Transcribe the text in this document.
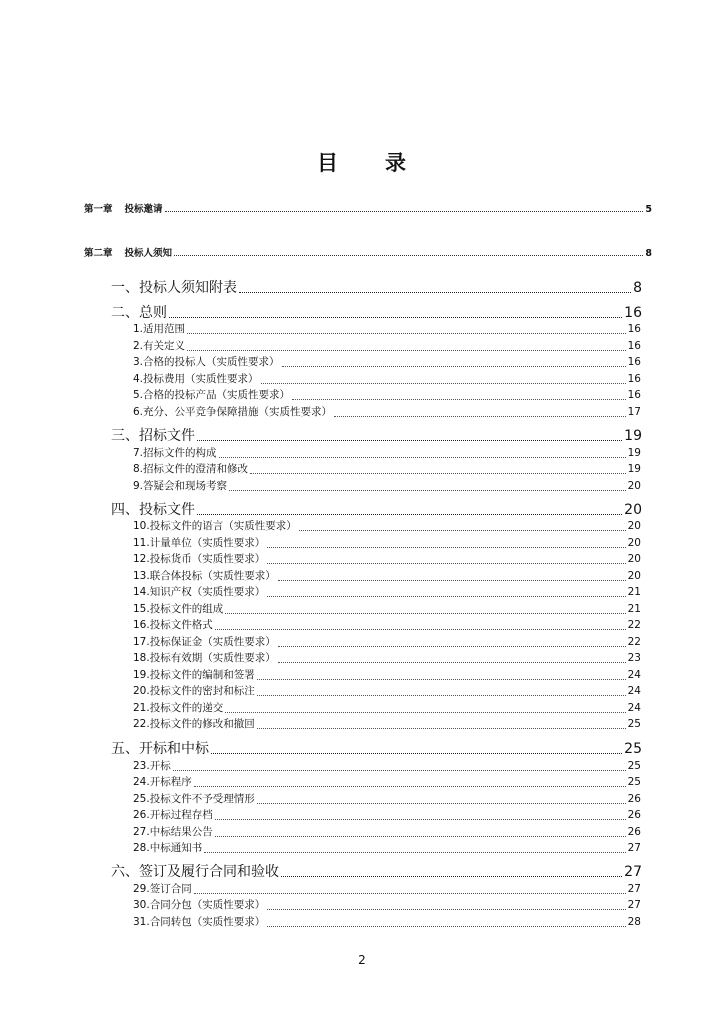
目 录
第一章 投标邀请	5
第二章 投标人须知	8
一、投标人须知附表	8
二、总则	16
1.适用范围	16
2.有关定义	16
3.合格的投标人（实质性要求）	16
4.投标费用（实质性要求）	16
5.合格的投标产品（实质性要求）	16
6.充分、公平竞争保障措施（实质性要求）	17
三、招标文件	19
7.招标文件的构成	19
8.招标文件的澄清和修改	19
9.答疑会和现场考察	20
四、投标文件	20
10.投标文件的语言（实质性要求）	20
11.计量单位（实质性要求）	20
12.投标货币（实质性要求）	20
13.联合体投标（实质性要求）	20
14.知识产权（实质性要求）	21
15.投标文件的组成	21
16.投标文件格式	22
17.投标保证金（实质性要求）	22
18.投标有效期（实质性要求）	23
19.投标文件的编制和签署	24
20.投标文件的密封和标注	24
21.投标文件的递交	24
22.投标文件的修改和撤回	25
五、开标和中标	25
23.开标	25
24.开标程序	25
25.投标文件不予受理情形	26
26.开标过程存档	26
27.中标结果公告	26
28.中标通知书	27
六、签订及履行合同和验收	27
29.签订合同	27
30.合同分包（实质性要求）	27
31.合同转包（实质性要求）	28
2
